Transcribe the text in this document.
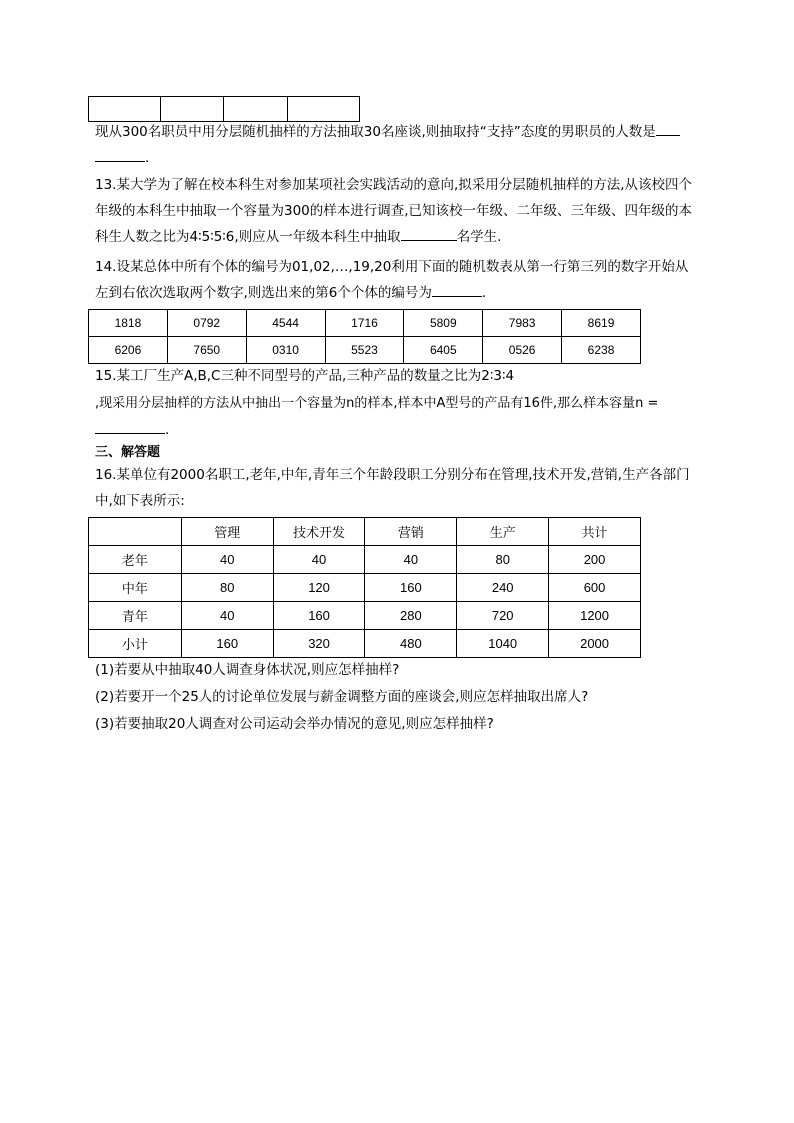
现从300名职员中用分层随机抽样的方法抽取30名座谈,则抽取持“支持”态度的男职员的人数是
.

13.某大学为了解在校本科生对参加某项社会实践活动的意向,拟采用分层随机抽样的方法,从该校四个年级的本科生中抽取一个容量为300的样本进行调查,已知该校一年级、二年级、三年级、四年级的本科生人数之比为4∶5∶5∶6,则应从一年级本科生中抽取	名学生.

14.设某总体中所有个体的编号为01,02,…,19,20利用下面的随机数表从第一行第三列的数字开始从
左到右依次选取两个数字,则选出来的第6个个体的编号为	.

1818	0792	4544	1716	5809	7983	8619
6206	7650	0310	5523	6405	0526	6238

15.某工厂生产A,B,C三种不同型号的产品,三种产品的数量之比为2∶3∶4
,现采用分层抽样的方法从中抽出一个容量为n的样本,样本中A型号的产品有16件,那么样本容量n =
.

三、解答题

16.某单位有2000名职工,老年,中年,青年三个年龄段职工分别分布在管理,技术开发,营销,生产各部门中,如下表所示:

	管理	技术开发	营销	生产	共计
老年	40	40	40	80	200
中年	80	120	160	240	600
青年	40	160	280	720	1200
小计	160	320	480	1040	2000

(1)若要从中抽取40人调查身体状况,则应怎样抽样?

(2)若要开一个25人的讨论单位发展与薪金调整方面的座谈会,则应怎样抽取出席人?

(3)若要抽取20人调查对公司运动会举办情况的意见,则应怎样抽样?
